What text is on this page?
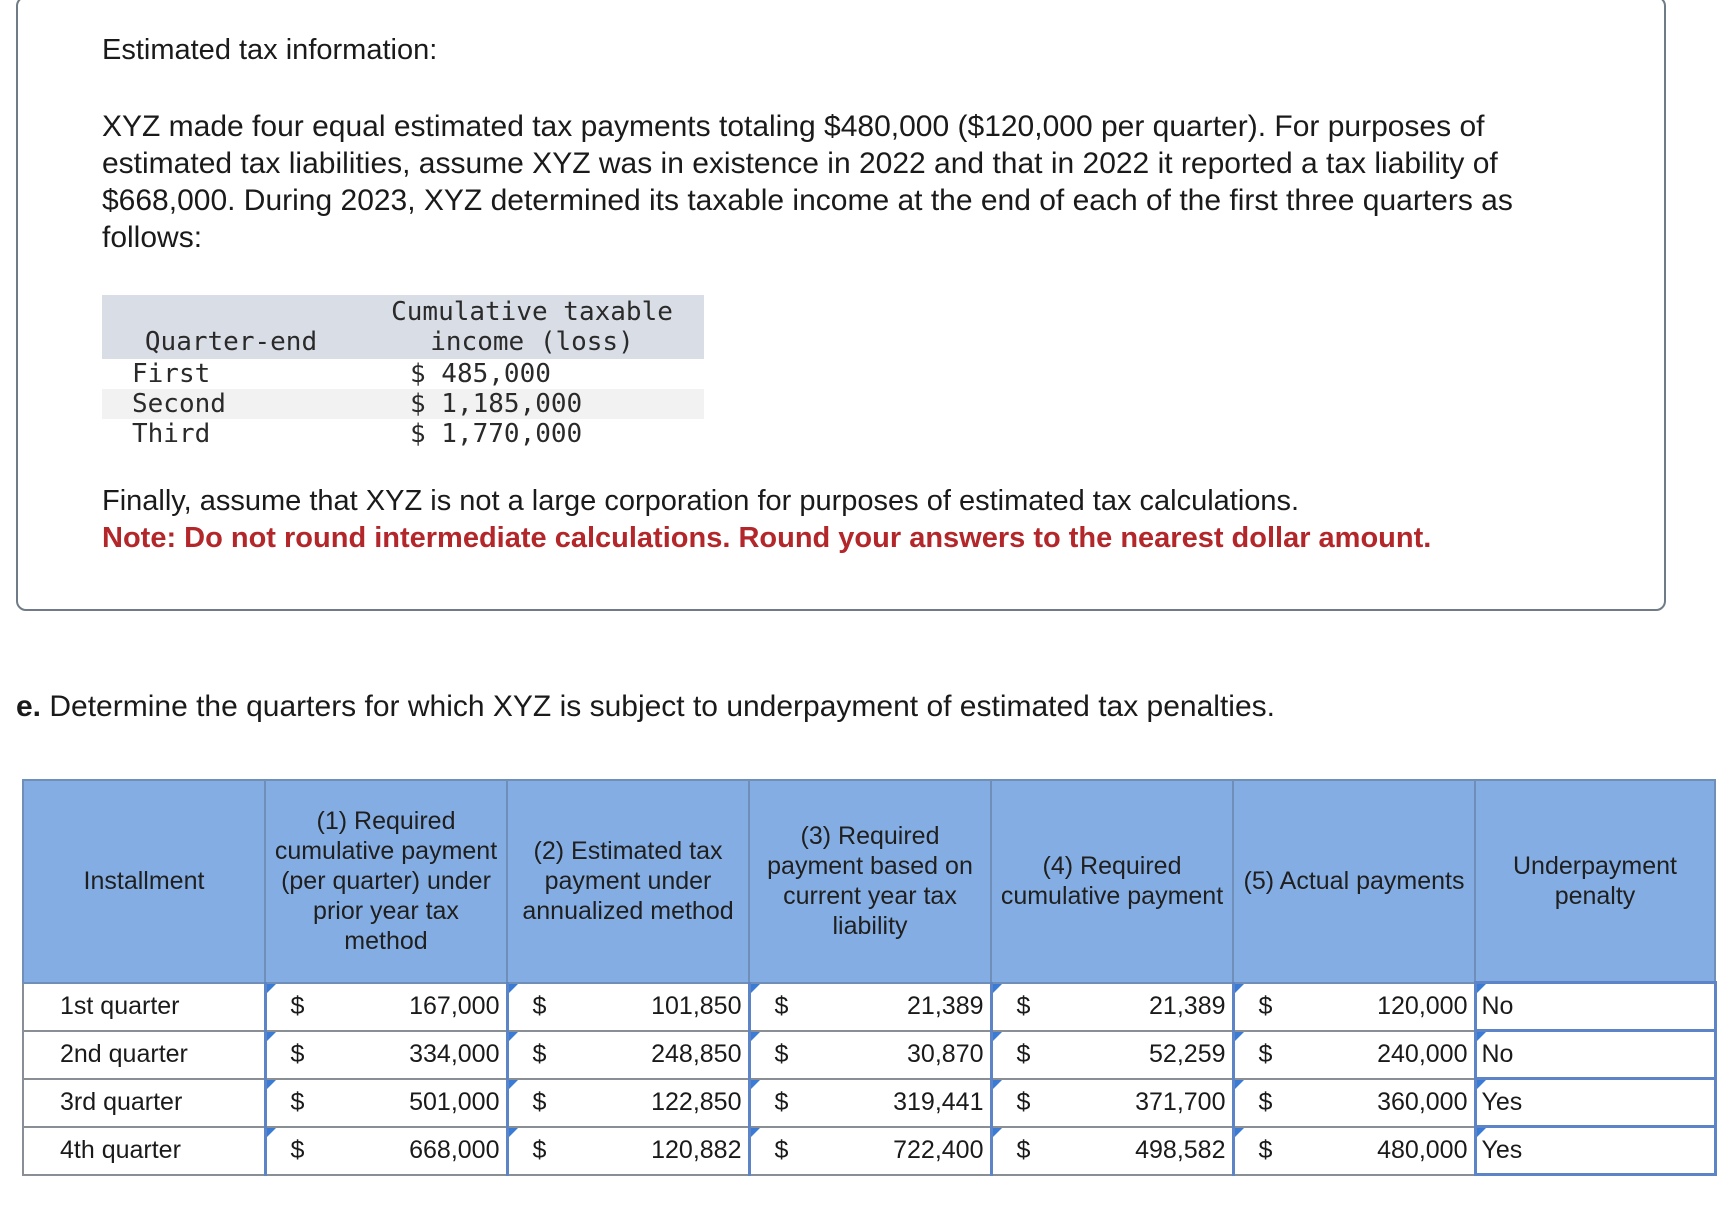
Estimated tax information:

XYZ made four equal estimated tax payments totaling $480,000 ($120,000 per quarter). For purposes of estimated tax liabilities, assume XYZ was in existence in 2022 and that in 2022 it reported a tax liability of $668,000. During 2023, XYZ determined its taxable income at the end of each of the first three quarters as follows:

Quarter-end	Cumulative taxable
income (loss)

First	$ 485,000
Second	$ 1,185,000
Third	$ 1,770,000
Finally, assume that XYZ is not a large corporation for purposes of estimated tax calculations.
Note: Do not round intermediate calculations. Round your answers to the nearest dollar amount.
e. Determine the quarters for which XYZ is subject to underpayment of estimated tax penalties.
Installment	(1) Required cumulative payment (per quarter) under prior year tax method	(2) Estimated tax payment under annualized method	(3) Required payment based on current year tax liability	(4) Required cumulative payment	(5) Actual payments	Underpayment penalty
1st quarter	$ 167,000	$ 101,850	$ 21,389	$ 21,389	$ 120,000	No

2nd quarter	$ 334,000	$ 248,850	$ 30,870	$ 52,259	$ 240,000	No

3rd quarter	$ 501,000	$ 122,850	$ 319,441	$ 371,700	$ 360,000	Yes

4th quarter	$ 668,000	$ 120,882	$ 722,400	$ 498,582	$ 480,000	Yes
